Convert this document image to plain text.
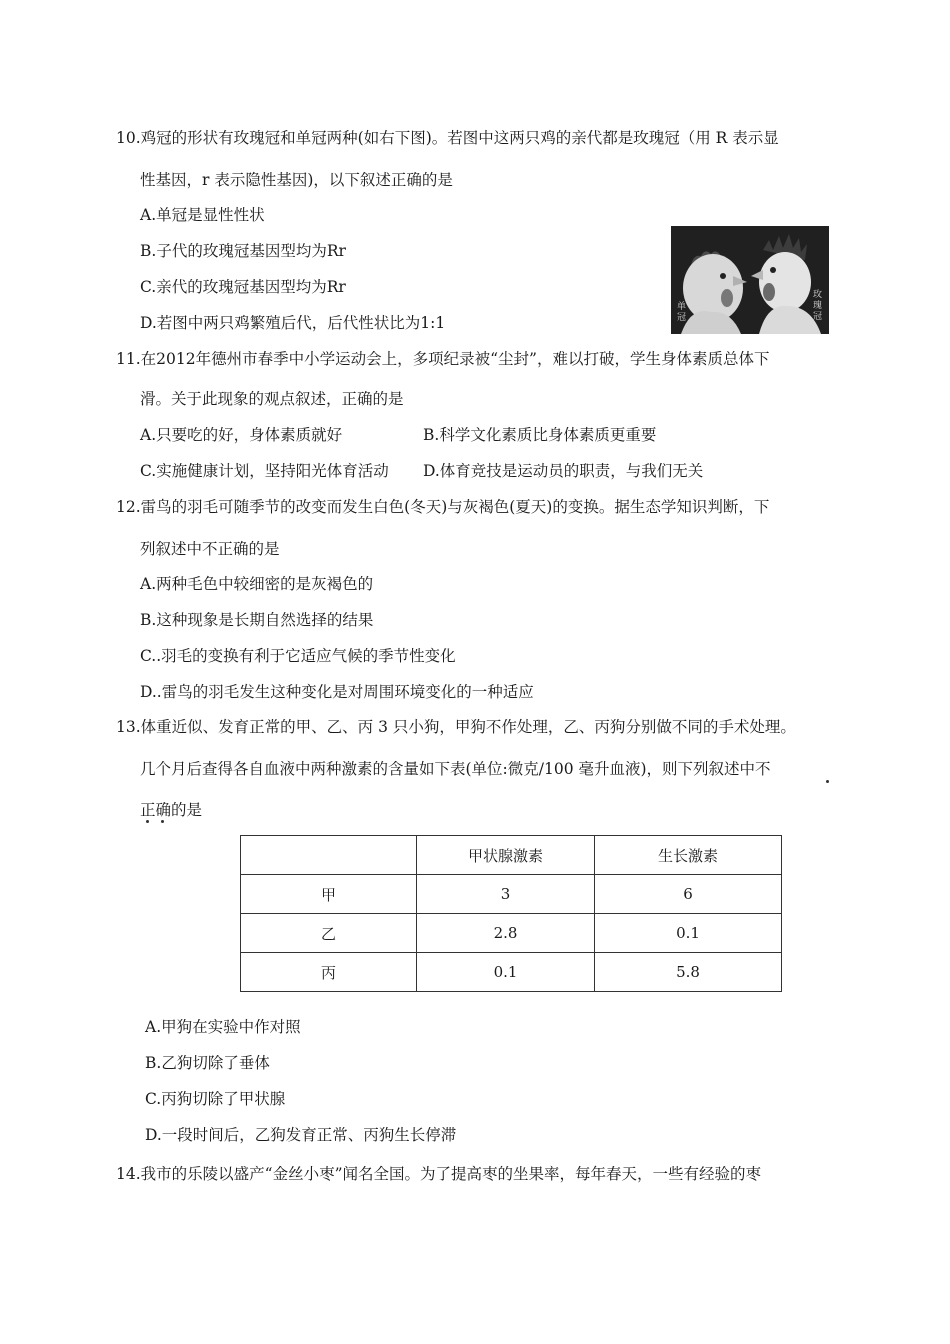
10.鸡冠的形状有玫瑰冠和单冠两种(如右下图)。若图中这两只鸡的亲代都是玫瑰冠（用 R 表示显
性基因，r 表示隐性基因)，以下叙述正确的是
A.单冠是显性性状
B.子代的玫瑰冠基因型均为Rr
C.亲代的玫瑰冠基因型均为Rr
D.若图中两只鸡繁殖后代，后代性状比为1:1
单冠
玫瑰冠
11.在2012年德州市春季中小学运动会上，多项纪录被“尘封”，难以打破，学生身体素质总体下
滑。关于此现象的观点叙述，正确的是
A.只要吃的好，身体素质就好	B.科学文化素质比身体素质更重要
C.实施健康计划，坚持阳光体育活动 D.体育竞技是运动员的职责，与我们无关
12.雷鸟的羽毛可随季节的改变而发生白色(冬天)与灰褐色(夏天)的变换。据生态学知识判断，下
列叙述中不正确的是
A.两种毛色中较细密的是灰褐色的
B.这种现象是长期自然选择的结果
C..羽毛的变换有利于它适应气候的季节性变化
D..雷鸟的羽毛发生这种变化是对周围环境变化的一种适应
13.体重近似、发育正常的甲、乙、丙 3 只小狗，甲狗不作处理，乙、丙狗分别做不同的手术处理。
几个月后查得各自血液中两种激素的含量如下表(单位:微克/100 毫升血液)，则下列叙述中不
正确的是
	甲状腺激素	生长激素
甲	3	6
乙	2.8	0.1
丙	0.1	5.8
A.甲狗在实验中作对照
B.乙狗切除了垂体
C.丙狗切除了甲状腺
D.一段时间后，乙狗发育正常、丙狗生长停滞
14.我市的乐陵以盛产“金丝小枣”闻名全国。为了提高枣的坐果率，每年春天，一些有经验的枣
